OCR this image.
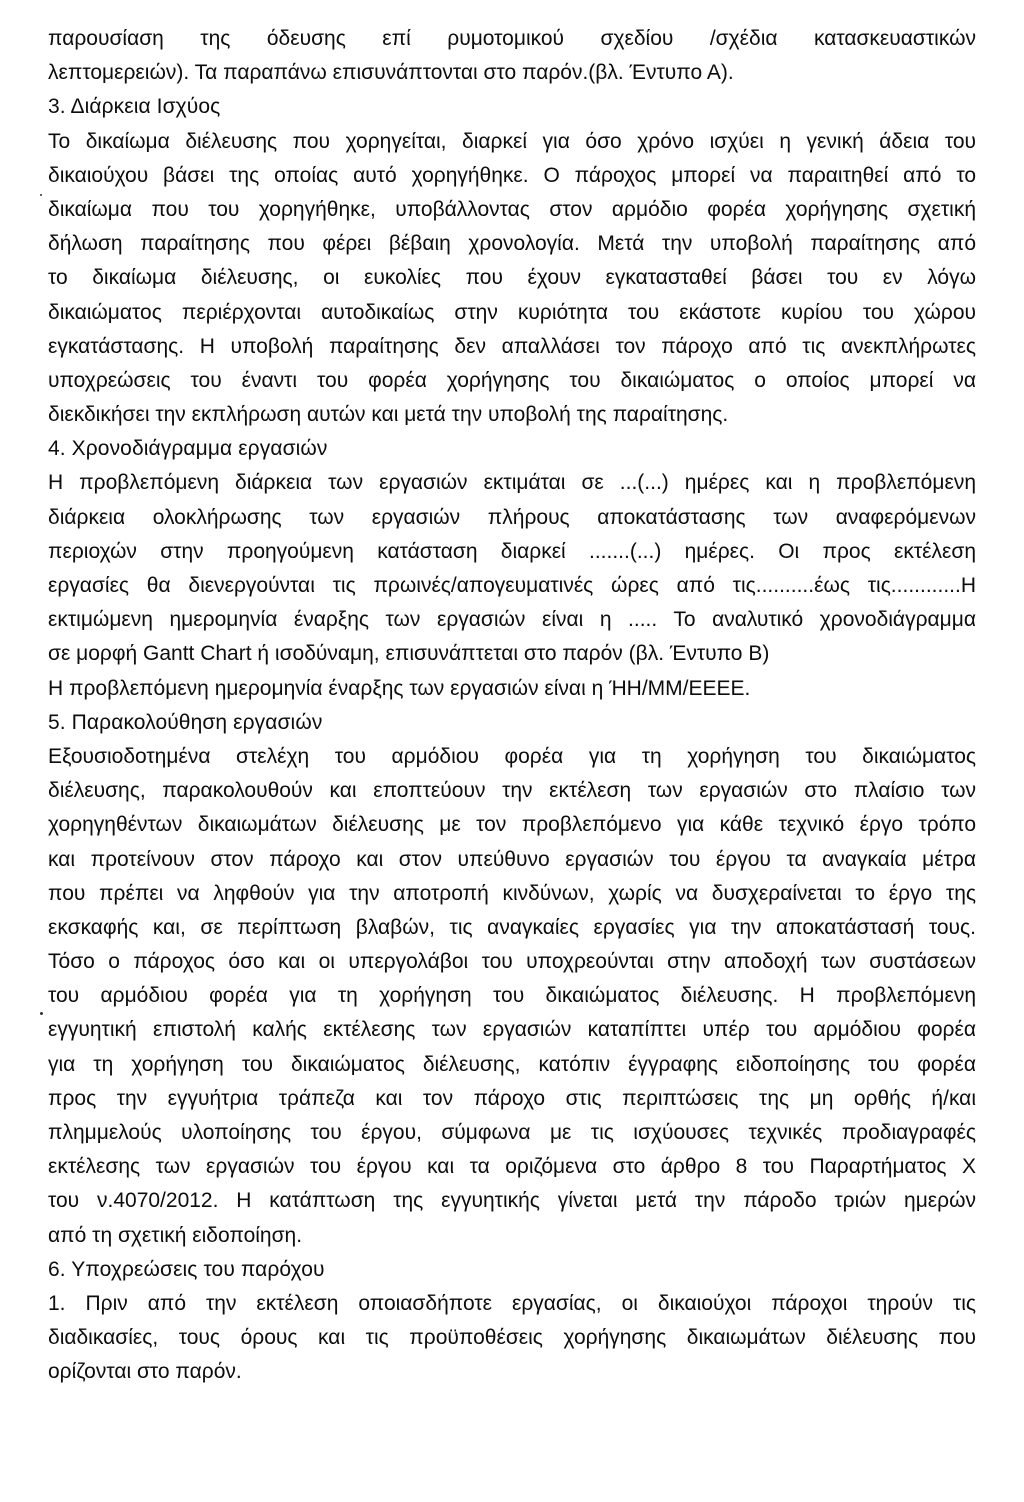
παρουσίαση της όδευσης επί ρυμοτομικού σχεδίου /σχέδια κατασκευαστικών

λεπτομερειών). Τα παραπάνω επισυνάπτονται στο παρόν.(βλ. Έντυπο Α).

3. Διάρκεια Ισχύος

Το δικαίωμα διέλευσης που χορηγείται, διαρκεί για όσο χρόνο ισχύει η γενική άδεια του

δικαιούχου βάσει της οποίας αυτό χορηγήθηκε. Ο πάροχος μπορεί να παραιτηθεί από το

δικαίωμα που του χορηγήθηκε, υποβάλλοντας στον αρμόδιο φορέα χορήγησης σχετική

δήλωση παραίτησης που φέρει βέβαιη χρονολογία. Μετά την υποβολή παραίτησης από

το δικαίωμα διέλευσης, οι ευκολίες που έχουν εγκατασταθεί βάσει του εν λόγω

δικαιώματος περιέρχονται αυτοδικαίως στην κυριότητα του εκάστοτε κυρίου του χώρου

εγκατάστασης. Η υποβολή παραίτησης δεν απαλλάσει τον πάροχο από τις ανεκπλήρωτες

υποχρεώσεις του έναντι του φορέα χορήγησης του δικαιώματος ο οποίος μπορεί να

διεκδικήσει την εκπλήρωση αυτών και μετά την υποβολή της παραίτησης.

4. Χρονοδιάγραμμα εργασιών

Η προβλεπόμενη διάρκεια των εργασιών εκτιμάται σε ...(...) ημέρες και η προβλεπόμενη

διάρκεια ολοκλήρωσης των εργασιών πλήρους αποκατάστασης των αναφερόμενων

περιοχών στην προηγούμενη κατάσταση διαρκεί .......(...) ημέρες. Οι προς εκτέλεση

εργασίες θα διενεργούνται τις πρωινές/απογευματινές ώρες από τις..........έως τις............Η

εκτιμώμενη ημερομηνία έναρξης των εργασιών είναι η ..... Το αναλυτικό χρονοδιάγραμμα

σε μορφή Gantt Chart ή ισοδύναμη, επισυνάπτεται στο παρόν (βλ. Έντυπο Β)

Η προβλεπόμενη ημερομηνία έναρξης των εργασιών είναι η ΉΗ/ΜΜ/ΕΕΕΕ.

5. Παρακολούθηση εργασιών

Εξουσιοδοτημένα στελέχη του αρμόδιου φορέα για τη χορήγηση του δικαιώματος

διέλευσης, παρακολουθούν και εποπτεύουν την εκτέλεση των εργασιών στο πλαίσιο των

χορηγηθέντων δικαιωμάτων διέλευσης με τον προβλεπόμενο για κάθε τεχνικό έργο τρόπο

και προτείνουν στον πάροχο και στον υπεύθυνο εργασιών του έργου τα αναγκαία μέτρα

που πρέπει να ληφθούν για την αποτροπή κινδύνων, χωρίς να δυσχεραίνεται το έργο της

εκσκαφής και, σε περίπτωση βλαβών, τις αναγκαίες εργασίες για την αποκατάστασή τους.

Τόσο ο πάροχος όσο και οι υπεργολάβοι του υποχρεούνται στην αποδοχή των συστάσεων

του αρμόδιου φορέα για τη χορήγηση του δικαιώματος διέλευσης. Η προβλεπόμενη

εγγυητική επιστολή καλής εκτέλεσης των εργασιών καταπίπτει υπέρ του αρμόδιου φορέα

για τη χορήγηση του δικαιώματος διέλευσης, κατόπιν έγγραφης ειδοποίησης του φορέα

προς την εγγυήτρια τράπεζα και τον πάροχο στις περιπτώσεις της μη ορθής ή/και

πλημμελούς υλοποίησης του έργου, σύμφωνα με τις ισχύουσες τεχνικές προδιαγραφές

εκτέλεσης των εργασιών του έργου και τα οριζόμενα στο άρθρο 8 του Παραρτήματος Χ

του ν.4070/2012. Η κατάπτωση της εγγυητικής γίνεται μετά την πάροδο τριών ημερών

από τη σχετική ειδοποίηση.

6. Υποχρεώσεις του παρόχου

1. Πριν από την εκτέλεση οποιασδήποτε εργασίας, οι δικαιούχοι πάροχοι τηρούν τις

διαδικασίες, τους όρους και τις προϋποθέσεις χορήγησης δικαιωμάτων διέλευσης που

ορίζονται στο παρόν.
